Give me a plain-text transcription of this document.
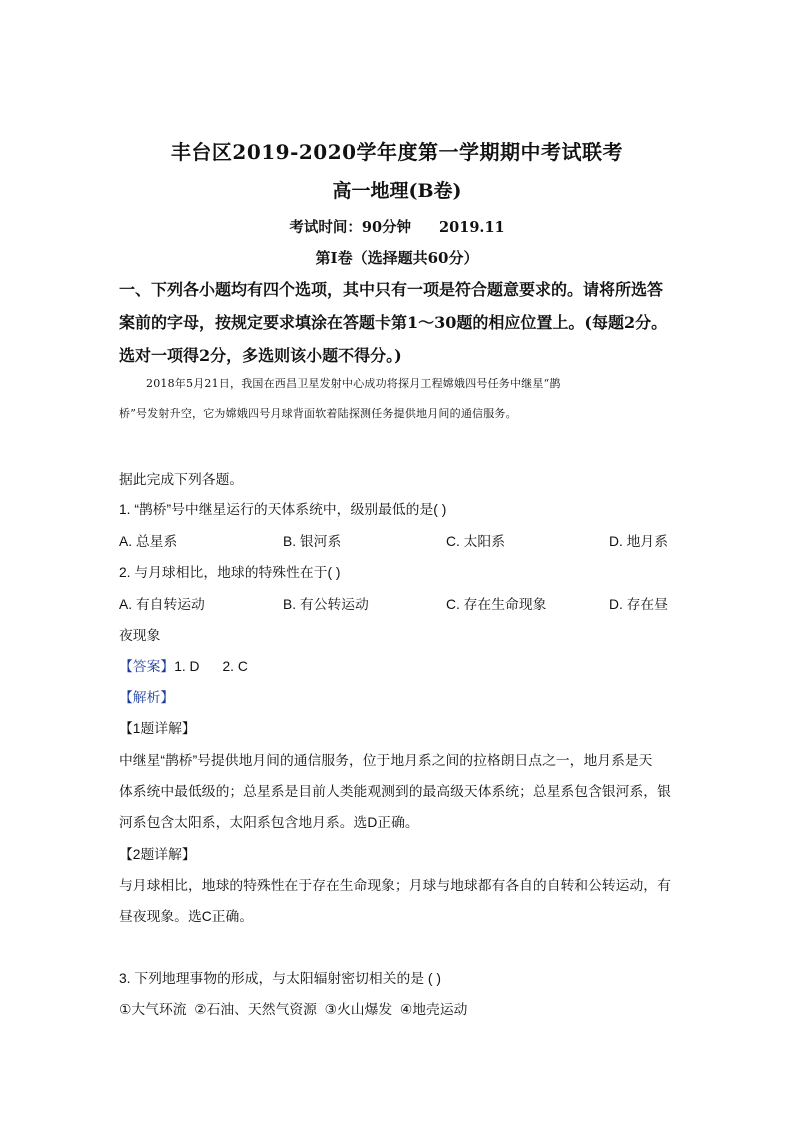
丰台区2019-2020学年度第一学期期中考试联考
高一地理(B卷)
考试时间：90分钟 2019.11
第Ⅰ卷（选择题共60分）
一、下列各小题均有四个选项，其中只有一项是符合题意要求的。请将所选答
案前的字母，按规定要求填涂在答题卡第1～30题的相应位置上。(每题2分。
选对一项得2分，多选则该小题不得分。)
2018年5月21日，我国在西昌卫星发射中心成功将探月工程嫦娥四号任务中继星“鹊
桥”号发射升空，它为嫦娥四号月球背面软着陆探测任务提供地月间的通信服务。
据此完成下列各题。
1. “鹊桥”号中继星运行的天体系统中，级别最低的是( )
A. 总星系	B. 银河系	C. 太阳系	D. 地月系
2. 与月球相比，地球的特殊性在于( )
A. 有自转运动	B. 有公转运动	C. 存在生命现象	D. 存在昼
夜现象
【答案】1. D      2. C
【解析】
【1题详解】
中继星“鹊桥”号提供地月间的通信服务，位于地月系之间的拉格朗日点之一，地月系是天
体系统中最低级的；总星系是目前人类能观测到的最高级天体系统；总星系包含银河系，银
河系包含太阳系，太阳系包含地月系。选D正确。
【2题详解】
与月球相比，地球的特殊性在于存在生命现象；月球与地球都有各自的自转和公转运动，有
昼夜现象。选C正确。
3. 下列地理事物的形成，与太阳辐射密切相关的是 ( )
①大气环流  ②石油、天然气资源  ③火山爆发  ④地壳运动
